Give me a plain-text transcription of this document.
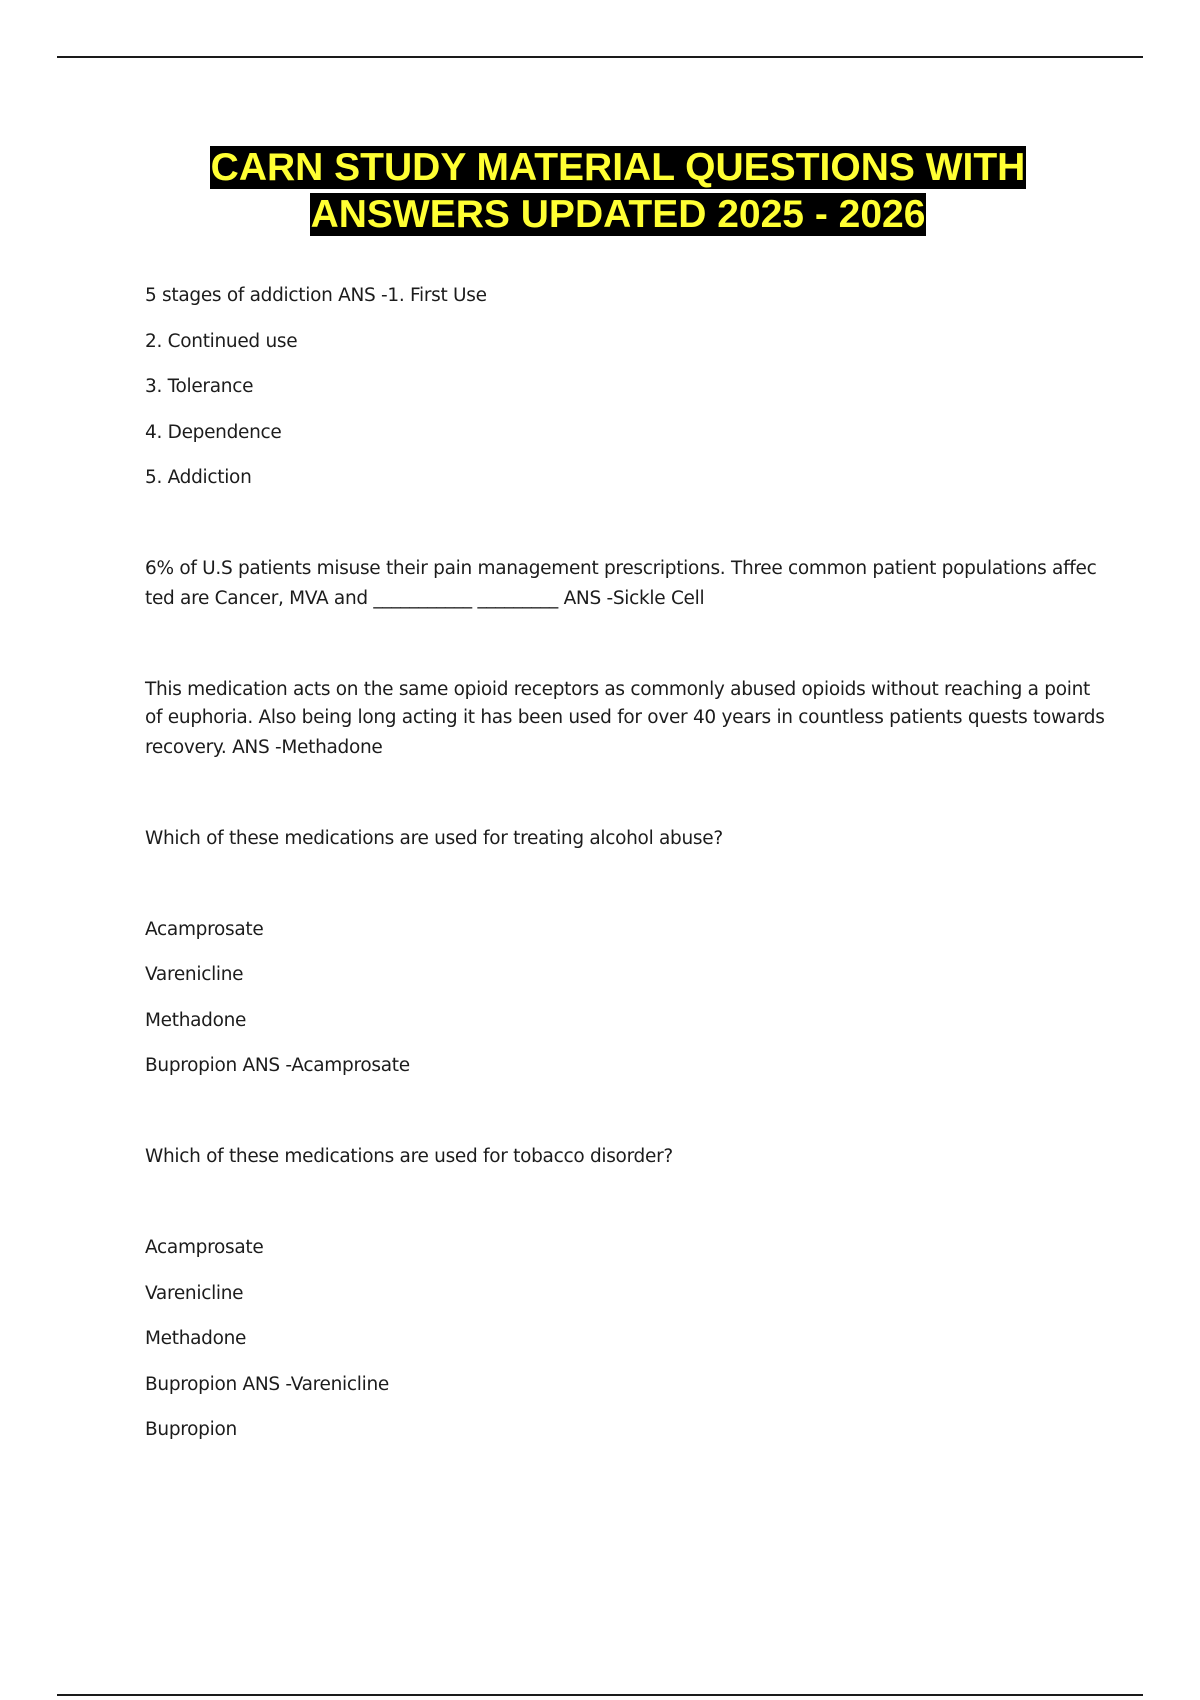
CARN STUDY MATERIAL QUESTIONS WITH
ANSWERS UPDATED 2025 - 2026
5 stages of addiction ANS -1. First Use
2. Continued use
3. Tolerance
4. Dependence
5. Addiction
6% of U.S patients misuse their pain management prescriptions. Three common patient populations affec
ted are Cancer, MVA and ___________ _________ ANS -Sickle Cell
This medication acts on the same opioid receptors as commonly abused opioids without reaching a point
of euphoria. Also being long acting it has been used for over 40 years in countless patients quests towards
recovery. ANS -Methadone
Which of these medications are used for treating alcohol abuse?
Acamprosate
Varenicline
Methadone
Bupropion ANS -Acamprosate
Which of these medications are used for tobacco disorder?
Acamprosate
Varenicline
Methadone
Bupropion ANS -Varenicline
Bupropion
